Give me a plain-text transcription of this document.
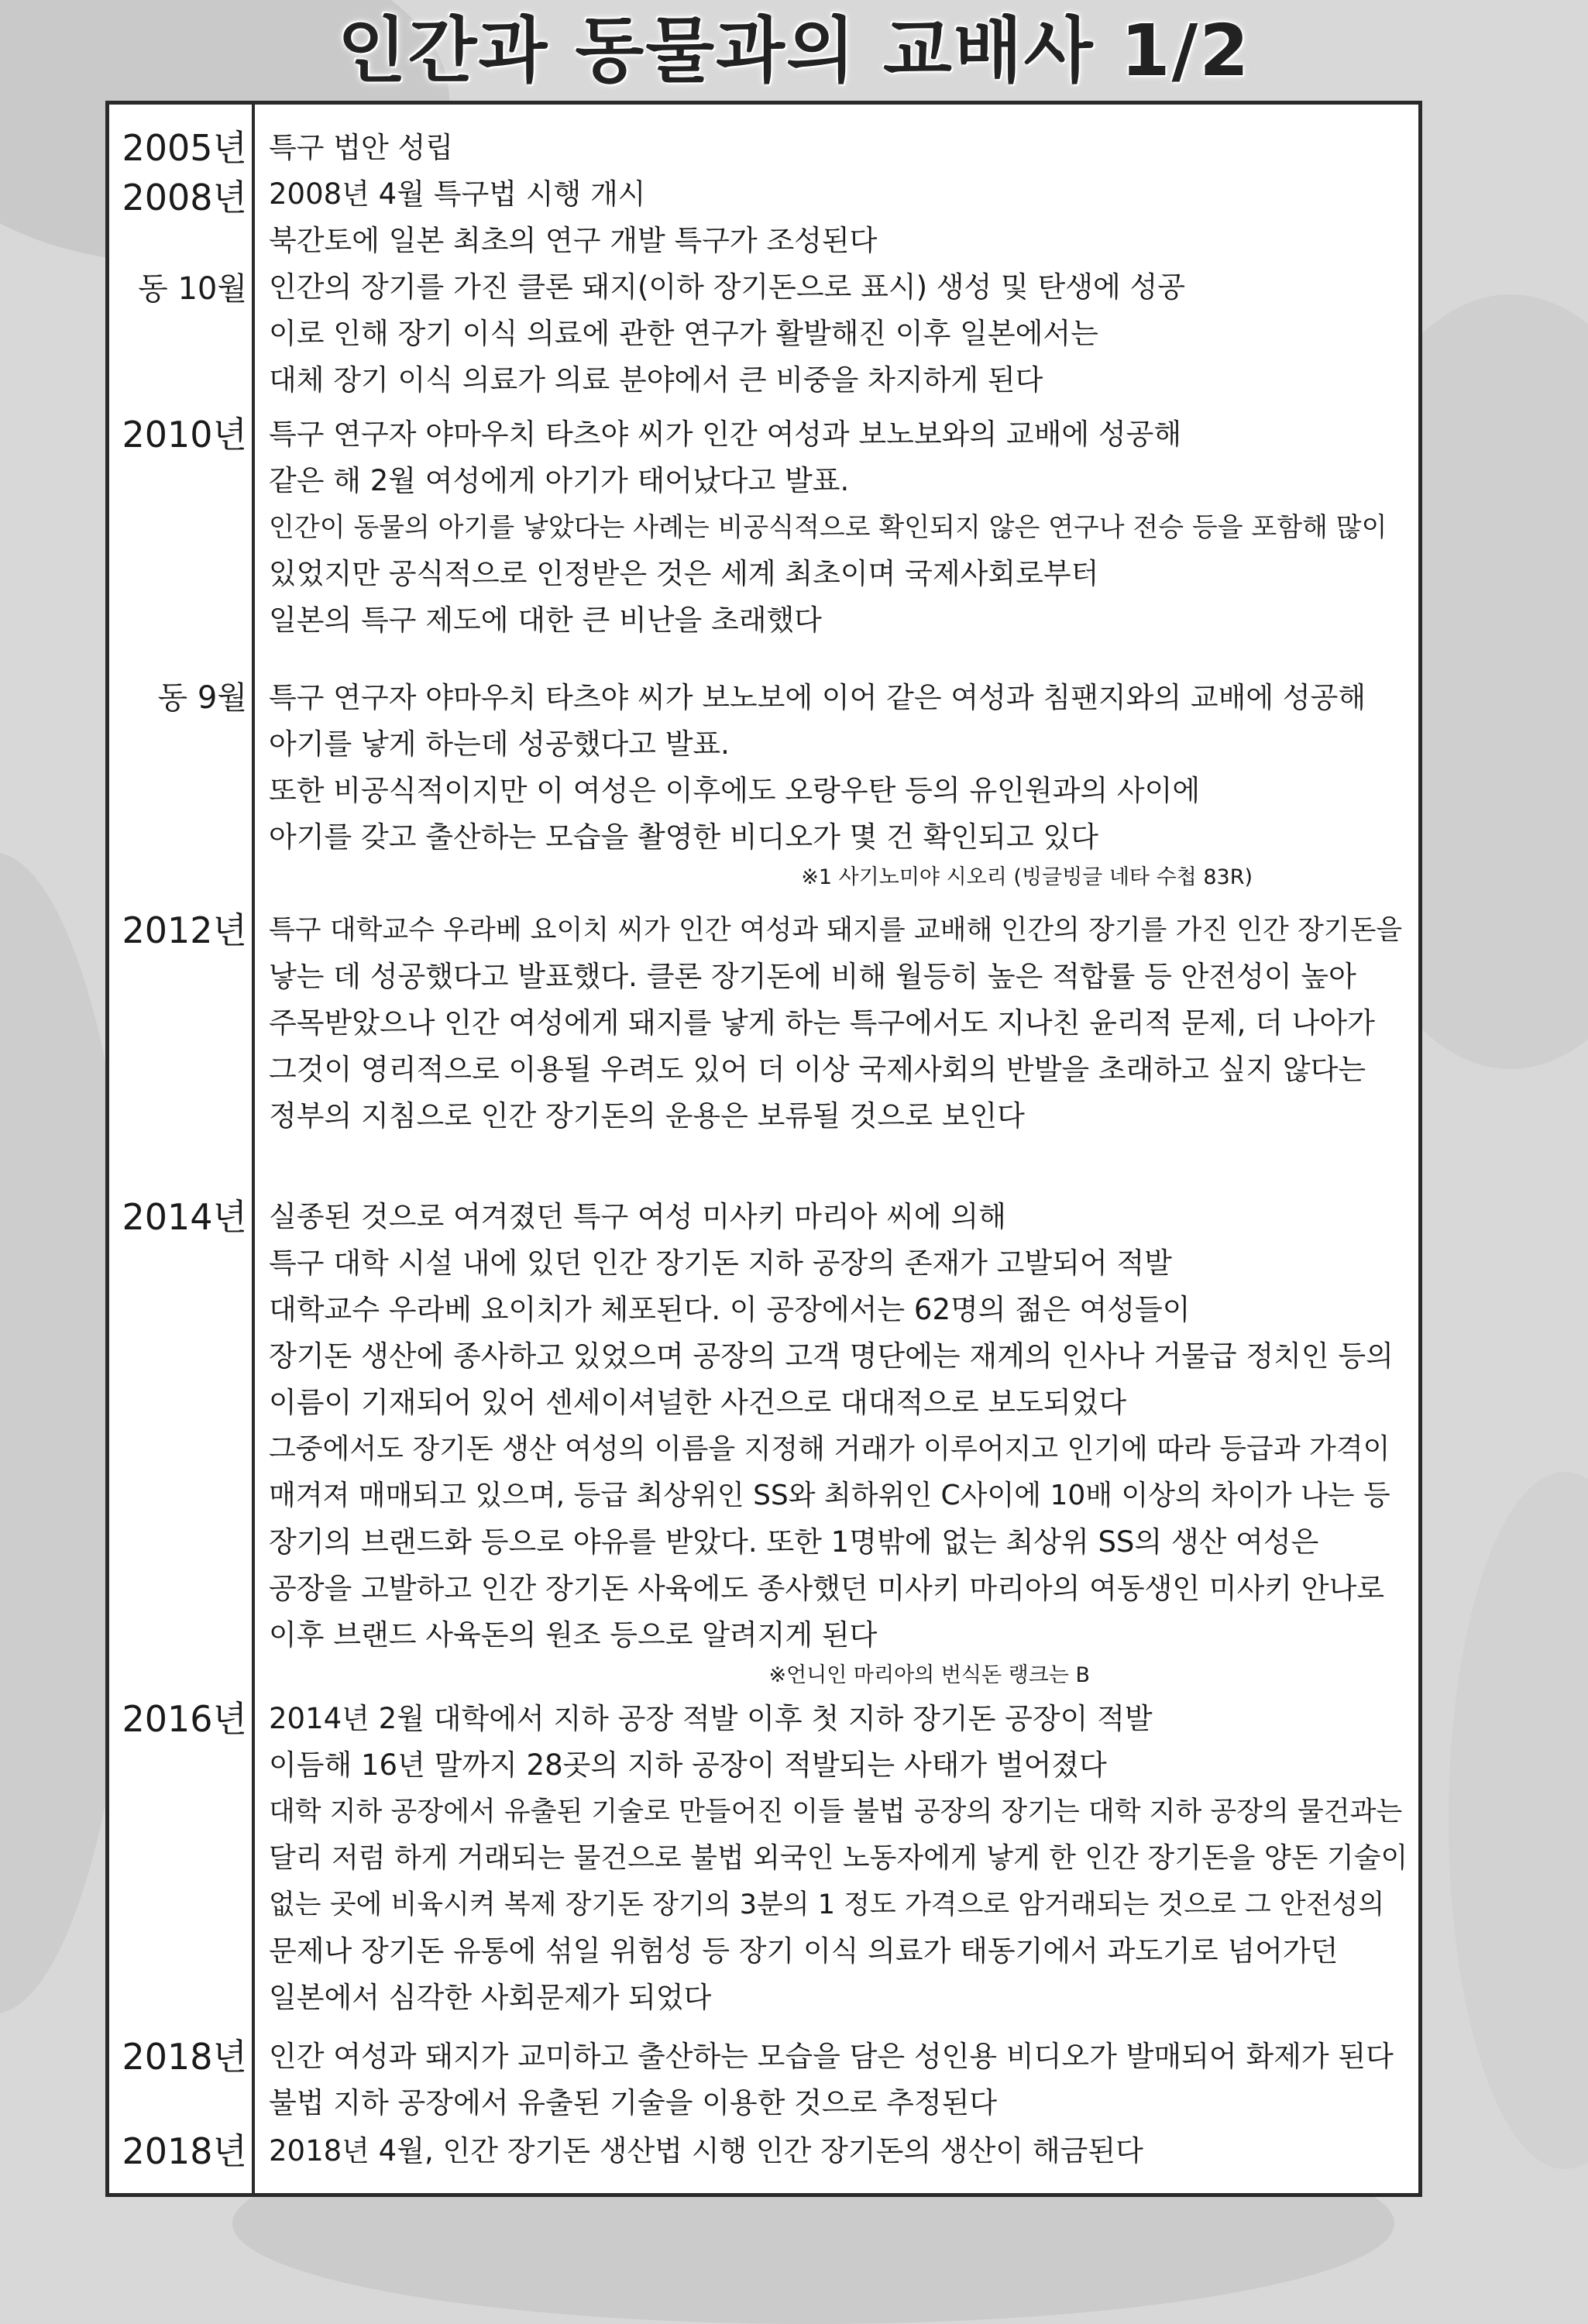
인간과 동물과의 교배사 1/2
2005년 특구 법안 성립
2008년 2008년 4월 특구법 시행 개시
북간토에 일본 최초의 연구 개발 특구가 조성된다
동 10월 인간의 장기를 가진 클론 돼지(이하 장기돈으로 표시) 생성 및 탄생에 성공
이로 인해 장기 이식 의료에 관한 연구가 활발해진 이후 일본에서는
대체 장기 이식 의료가 의료 분야에서 큰 비중을 차지하게 된다
2010년 특구 연구자 야마우치 타츠야 씨가 인간 여성과 보노보와의 교배에 성공해
같은 해 2월 여성에게 아기가 태어났다고 발표.
인간이 동물의 아기를 낳았다는 사례는 비공식적으로 확인되지 않은 연구나 전승 등을 포함해 많이
있었지만 공식적으로 인정받은 것은 세계 최초이며 국제사회로부터
일본의 특구 제도에 대한 큰 비난을 초래했다
동 9월 특구 연구자 야마우치 타츠야 씨가 보노보에 이어 같은 여성과 침팬지와의 교배에 성공해
아기를 낳게 하는데 성공했다고 발표.
또한 비공식적이지만 이 여성은 이후에도 오랑우탄 등의 유인원과의 사이에
아기를 갖고 출산하는 모습을 촬영한 비디오가 몇 건 확인되고 있다
※1 사기노미야 시오리 (빙글빙글 네타 수첩 83R)
2012년 특구 대학교수 우라베 요이치 씨가 인간 여성과 돼지를 교배해 인간의 장기를 가진 인간 장기돈을
낳는 데 성공했다고 발표했다. 클론 장기돈에 비해 월등히 높은 적합률 등 안전성이 높아
주목받았으나 인간 여성에게 돼지를 낳게 하는 특구에서도 지나친 윤리적 문제, 더 나아가
그것이 영리적으로 이용될 우려도 있어 더 이상 국제사회의 반발을 초래하고 싶지 않다는
정부의 지침으로 인간 장기돈의 운용은 보류될 것으로 보인다
2014년 실종된 것으로 여겨졌던 특구 여성 미사키 마리아 씨에 의해
특구 대학 시설 내에 있던 인간 장기돈 지하 공장의 존재가 고발되어 적발
대학교수 우라베 요이치가 체포된다. 이 공장에서는 62명의 젊은 여성들이
장기돈 생산에 종사하고 있었으며 공장의 고객 명단에는 재계의 인사나 거물급 정치인 등의
이름이 기재되어 있어 센세이셔널한 사건으로 대대적으로 보도되었다
그중에서도 장기돈 생산 여성의 이름을 지정해 거래가 이루어지고 인기에 따라 등급과 가격이
매겨져 매매되고 있으며, 등급 최상위인 SS와 최하위인 C사이에 10배 이상의 차이가 나는 등
장기의 브랜드화 등으로 야유를 받았다. 또한 1명밖에 없는 최상위 SS의 생산 여성은
공장을 고발하고 인간 장기돈 사육에도 종사했던 미사키 마리아의 여동생인 미사키 안나로
이후 브랜드 사육돈의 원조 등으로 알려지게 된다
※언니인 마리아의 번식돈 랭크는 B
2016년 2014년 2월 대학에서 지하 공장 적발 이후 첫 지하 장기돈 공장이 적발
이듬해 16년 말까지 28곳의 지하 공장이 적발되는 사태가 벌어졌다
대학 지하 공장에서 유출된 기술로 만들어진 이들 불법 공장의 장기는 대학 지하 공장의 물건과는
달리 저럼 하게 거래되는 물건으로 불법 외국인 노동자에게 낳게 한 인간 장기돈을 양돈 기술이
없는 곳에 비육시켜 복제 장기돈 장기의 3분의 1 정도 가격으로 암거래되는 것으로 그 안전성의
문제나 장기돈 유통에 섞일 위험성 등 장기 이식 의료가 태동기에서 과도기로 넘어가던
일본에서 심각한 사회문제가 되었다
2018년 인간 여성과 돼지가 교미하고 출산하는 모습을 담은 성인용 비디오가 발매되어 화제가 된다
불법 지하 공장에서 유출된 기술을 이용한 것으로 추정된다
2018년 2018년 4월, 인간 장기돈 생산법 시행 인간 장기돈의 생산이 해금된다
